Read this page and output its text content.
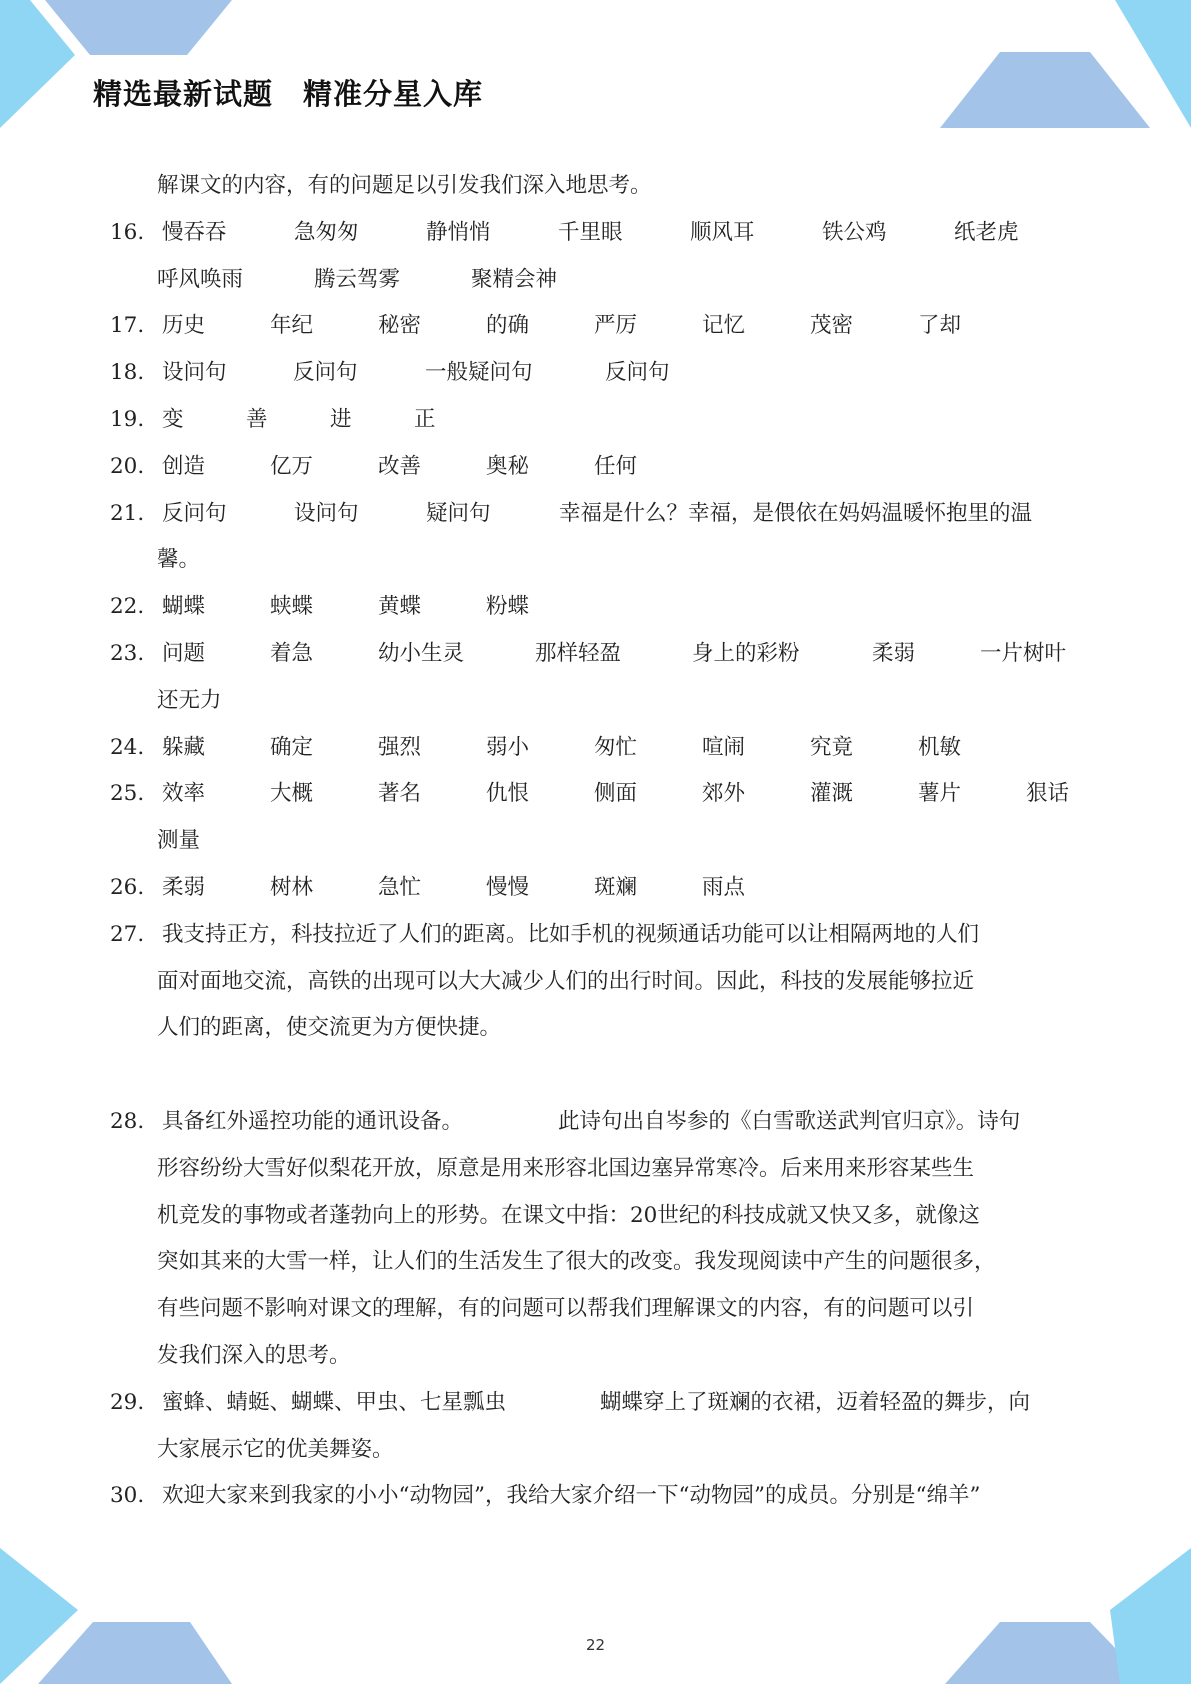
精选最新试题　精准分星入库
解课文的内容，有的问题足以引发我们深入地思考。
16. 慢吞吞	急匆匆	静悄悄	千里眼	顺风耳	铁公鸡	纸老虎
呼风唤雨	腾云驾雾	聚精会神
17. 历史	年纪	秘密	的确	严厉	记忆	茂密	了却
18. 设问句	反问句	一般疑问句	反问句
19. 变	善	进	正
20. 创造	亿万	改善	奥秘	任何
21. 反问句	设问句	疑问句	幸福是什么？幸福，是偎依在妈妈温暖怀抱里的温
馨。
22. 蝴蝶	蛱蝶	黄蝶	粉蝶
23. 问题	着急	幼小生灵	那样轻盈	身上的彩粉	柔弱	一片树叶
还无力
24. 躲藏	确定	强烈	弱小	匆忙	喧闹	究竟	机敏
25. 效率	大概	著名	仇恨	侧面	郊外	灌溉	薯片	狠话
测量
26. 柔弱	树林	急忙	慢慢	斑斓	雨点
27. 我支持正方，科技拉近了人们的距离。比如手机的视频通话功能可以让相隔两地的人们
面对面地交流，高铁的出现可以大大减少人们的出行时间。因此，科技的发展能够拉近
人们的距离，使交流更为方便快捷。
28. 具备红外遥控功能的通讯设备。	此诗句出自岑参的《白雪歌送武判官归京》。诗句
形容纷纷大雪好似梨花开放，原意是用来形容北国边塞异常寒冷。后来用来形容某些生
机竞发的事物或者蓬勃向上的形势。在课文中指：20世纪的科技成就又快又多，就像这
突如其来的大雪一样，让人们的生活发生了很大的改变。我发现阅读中产生的问题很多，
有些问题不影响对课文的理解，有的问题可以帮我们理解课文的内容，有的问题可以引
发我们深入的思考。
29. 蜜蜂、蜻蜓、蝴蝶、甲虫、七星瓢虫	蝴蝶穿上了斑斓的衣裙，迈着轻盈的舞步，向
大家展示它的优美舞姿。
30. 欢迎大家来到我家的小小“动物园”，我给大家介绍一下“动物园”的成员。分别是“绵羊”
22
